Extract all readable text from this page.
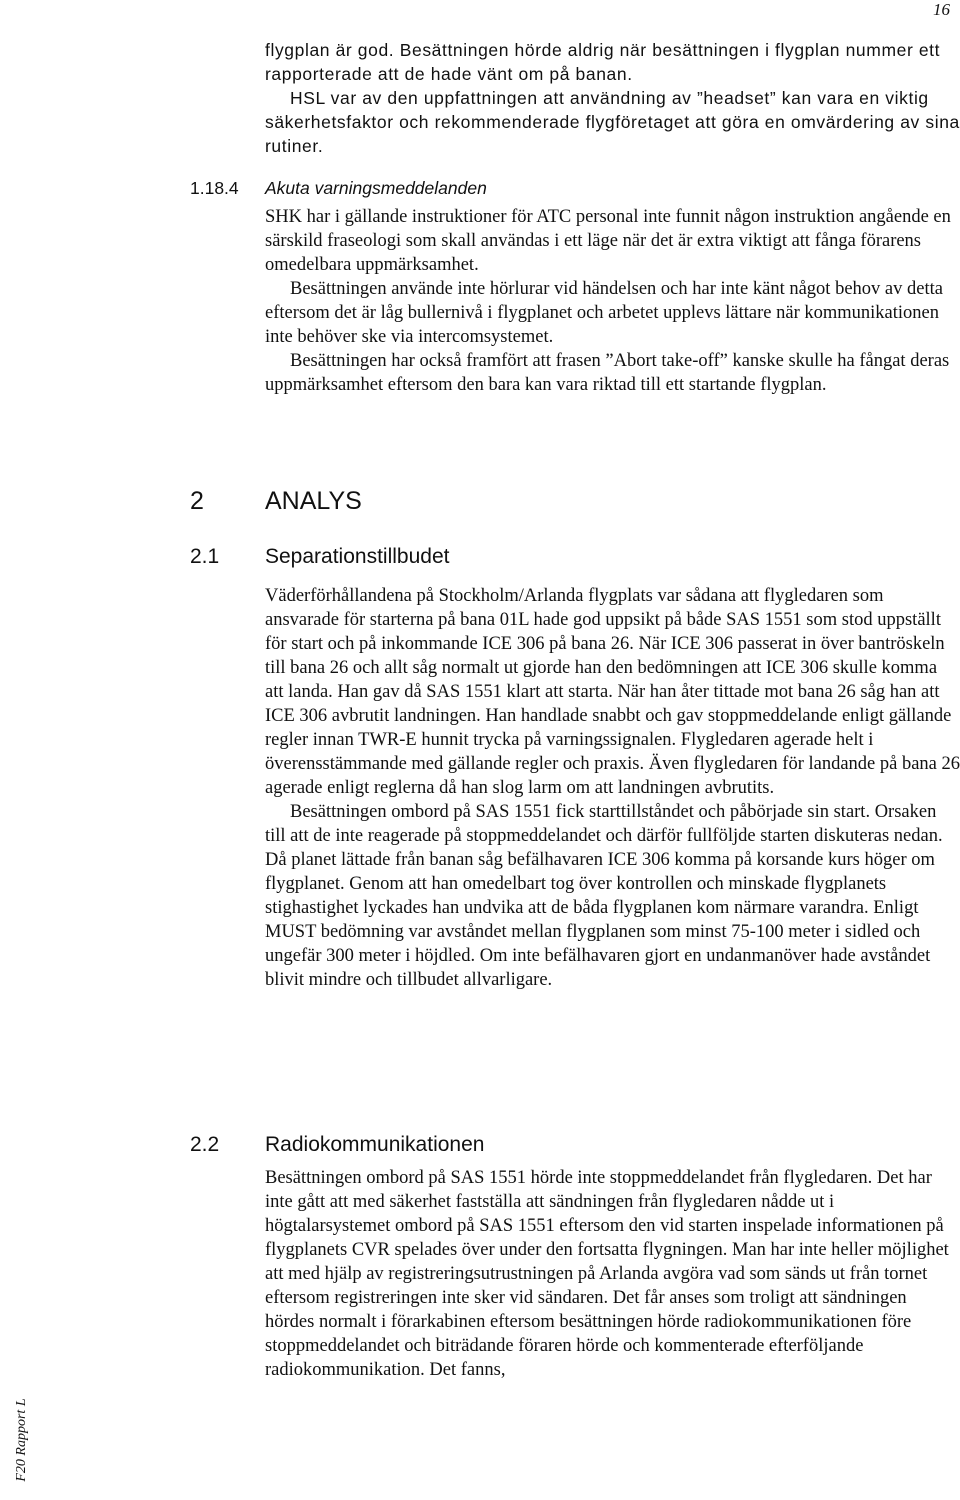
16
F20 Rapport L

flygplan är god. Besättningen hörde aldrig när besättningen i flygplan nummer ett rapporterade att de hade vänt om på banan.

HSL var av den uppfattningen att användning av ”headset” kan vara en viktig säkerhetsfaktor och rekommenderade flygföretaget att göra en omvärdering av sina rutiner.

1.18.4 Akuta varningsmeddelanden

SHK har i gällande instruktioner för ATC personal inte funnit någon instruktion angående en särskild fraseologi som skall användas i ett läge när det är extra viktigt att fånga förarens omedelbara uppmärksamhet.

Besättningen använde inte hörlurar vid händelsen och har inte känt något behov av detta eftersom det är låg bullernivå i flygplanet och arbetet upplevs lättare när kommunikationen inte behöver ske via intercomsystemet.

Besättningen har också framfört att frasen ”Abort take-off” kanske skulle ha fångat deras uppmärksamhet eftersom den bara kan vara riktad till ett startande flygplan.

2 ANALYS
2.1 Separationstillbudet

Väderförhållandena på Stockholm/Arlanda flygplats var sådana att flygledaren som ansvarade för starterna på bana 01L hade god uppsikt på både SAS 1551 som stod uppställt för start och på inkommande ICE 306 på bana 26. När ICE 306 passerat in över bantröskeln till bana 26 och allt såg normalt ut gjorde han den bedömningen att ICE 306 skulle komma att landa. Han gav då SAS 1551 klart att starta. När han åter tittade mot bana 26 såg han att ICE 306 avbrutit landningen. Han handlade snabbt och gav stoppmeddelande enligt gällande regler innan TWR-E hunnit trycka på varningssignalen. Flygledaren agerade helt i överensstämmande med gällande regler och praxis. Även flygledaren för landande på bana 26 agerade enligt reglerna då han slog larm om att landningen avbrutits.

Besättningen ombord på SAS 1551 fick starttillståndet och påbörjade sin start. Orsaken till att de inte reagerade på stoppmeddelandet och därför fullföljde starten diskuteras nedan. Då planet lättade från banan såg befälhavaren ICE 306 komma på korsande kurs höger om flygplanet. Genom att han omedelbart tog över kontrollen och minskade flygplanets stighastighet lyckades han undvika att de båda flygplanen kom närmare varandra. Enligt MUST bedömning var avståndet mellan flygplanen som minst 75-100 meter i sidled och ungefär 300 meter i höjdled. Om inte befälhavaren gjort en undanmanöver hade avståndet blivit mindre och tillbudet allvarligare.

2.2 Radiokommunikationen

Besättningen ombord på SAS 1551 hörde inte stoppmeddelandet från flygledaren. Det har inte gått att med säkerhet fastställa att sändningen från flygledaren nådde ut i högtalarsystemet ombord på SAS 1551 eftersom den vid starten inspelade informationen på flygplanets CVR spelades över under den fortsatta flygningen. Man har inte heller möjlighet att med hjälp av registreringsutrustningen på Arlanda avgöra vad som sänds ut från tornet eftersom registreringen inte sker vid sändaren. Det får anses som troligt att sändningen hördes normalt i förarkabinen eftersom besättningen hörde radiokommunikationen före stoppmeddelandet och biträdande föraren hörde och kommenterade efterföljande radiokommunikation. Det fanns,
